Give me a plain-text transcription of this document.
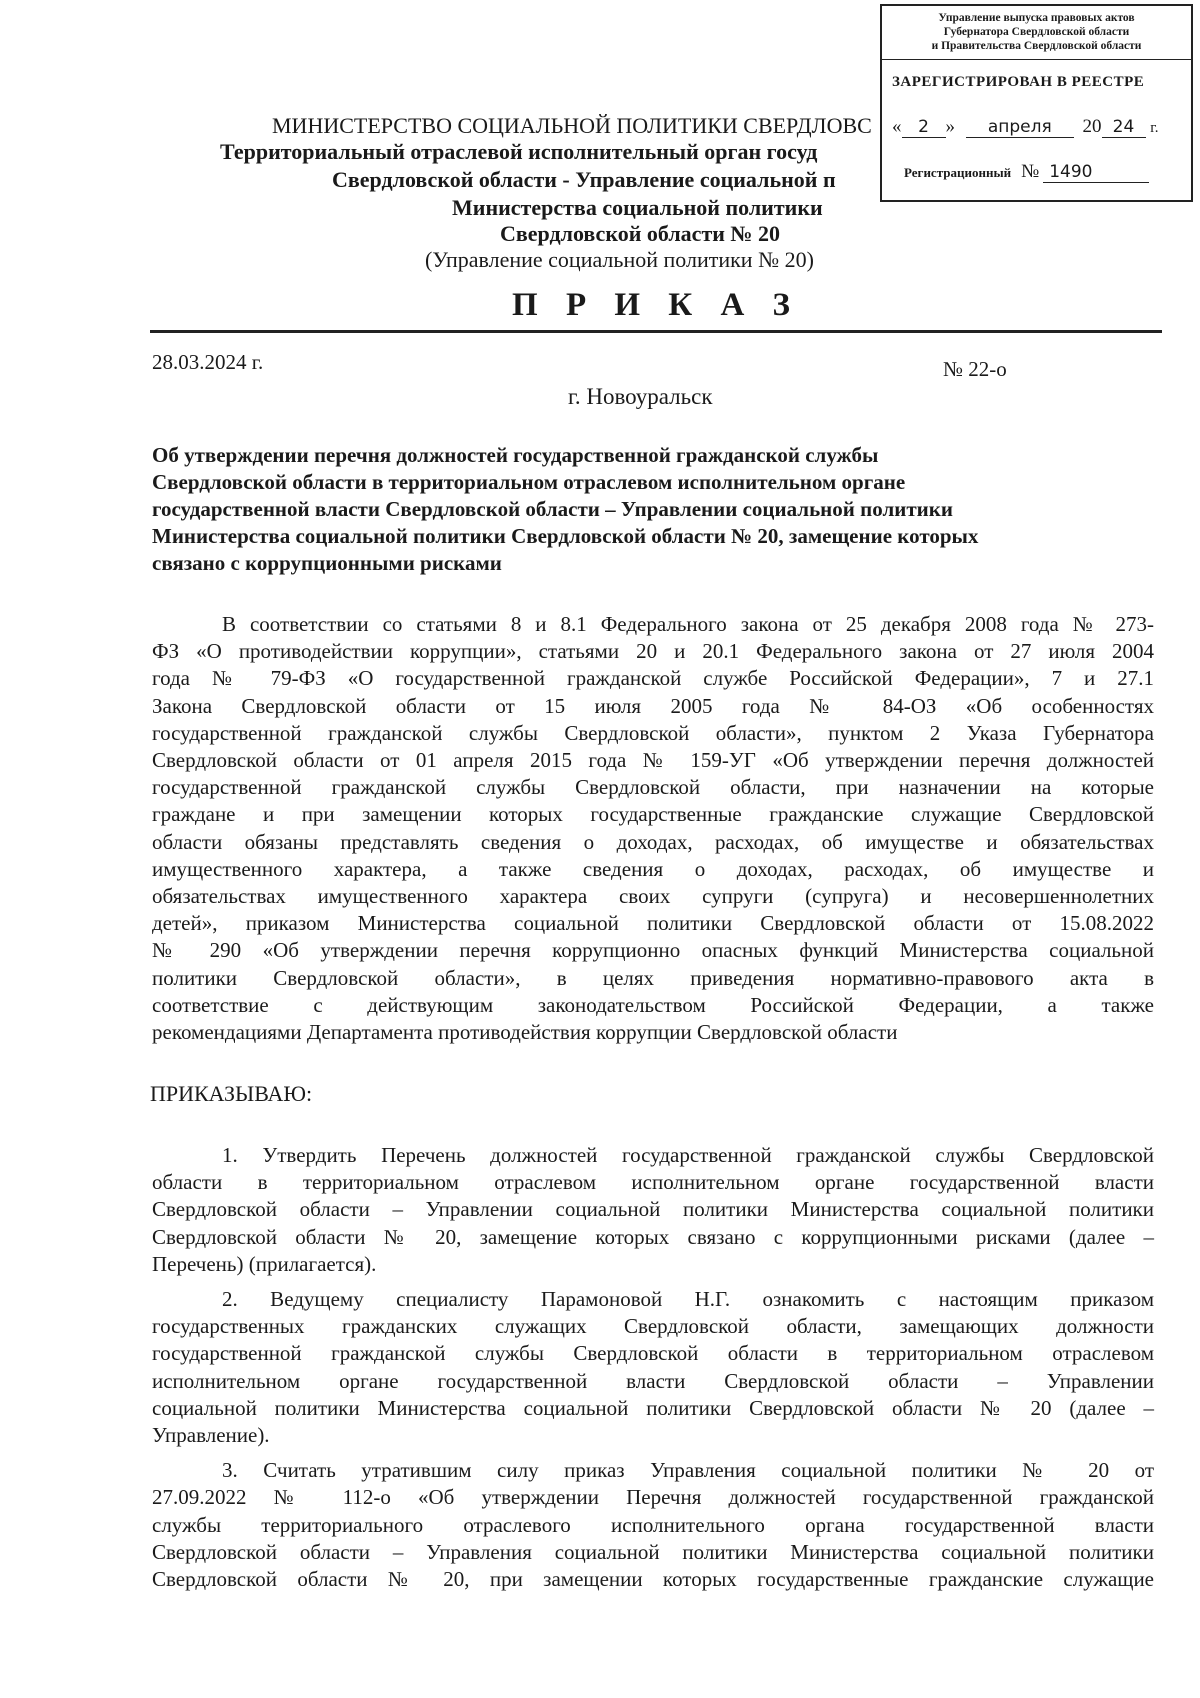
Управление выпуска правовых актов
Губернатора Свердловской области
и Правительства Свердловской области
ЗАРЕГИСТРИРОВАН В РЕЕСТРЕ
« 2 » апреля 20 24 г.
Регистрационный № 1490
МИНИСТЕРСТВО СОЦИАЛЬНОЙ ПОЛИТИКИ СВЕРДЛОВС
Территориальный отраслевой исполнительный орган госуд
Свердловской области - Управление социальной п
Министерства социальной политики
Свердловской области № 20
(Управление социальной политики № 20)
П Р И К А З
28.03.2024 г.	№ 22-о
г. Новоуральск
Об утверждении перечня должностей государственной гражданской службы
Свердловской области в территориальном отраслевом исполнительном органе
государственной власти Свердловской области – Управлении социальной политики
Министерства социальной политики Свердловской области № 20, замещение которых
связано с коррупционными рисками
В соответствии со статьями 8 и 8.1 Федерального закона от 25 декабря 2008 года № 273-
ФЗ «О противодействии коррупции», статьями 20 и 20.1 Федерального закона от 27 июля 2004
года № 79-ФЗ «О государственной гражданской службе Российской Федерации», 7 и 27.1
Закона Свердловской области от 15 июля 2005 года № 84-ОЗ «Об особенностях
государственной гражданской службы Свердловской области», пунктом 2 Указа Губернатора
Свердловской области от 01 апреля 2015 года № 159-УГ «Об утверждении перечня должностей
государственной гражданской службы Свердловской области, при назначении на которые
граждане и при замещении которых государственные гражданские служащие Свердловской
области обязаны представлять сведения о доходах, расходах, об имуществе и обязательствах
имущественного характера, а также сведения о доходах, расходах, об имуществе и
обязательствах имущественного характера своих супруги (супруга) и несовершеннолетних
детей», приказом Министерства социальной политики Свердловской области от 15.08.2022
№ 290 «Об утверждении перечня коррупционно опасных функций Министерства социальной
политики Свердловской области», в целях приведения нормативно-правового акта в
соответствие с действующим законодательством Российской Федерации, а также
рекомендациями Департамента противодействия коррупции Свердловской области
ПРИКАЗЫВАЮ:
1. Утвердить Перечень должностей государственной гражданской службы Свердловской
области в территориальном отраслевом исполнительном органе государственной власти
Свердловской области – Управлении социальной политики Министерства социальной политики
Свердловской области № 20, замещение которых связано с коррупционными рисками (далее –
Перечень) (прилагается).
2. Ведущему специалисту Парамоновой Н.Г. ознакомить с настоящим приказом
государственных гражданских служащих Свердловской области, замещающих должности
государственной гражданской службы Свердловской области в территориальном отраслевом
исполнительном органе государственной власти Свердловской области – Управлении
социальной политики Министерства социальной политики Свердловской области № 20 (далее –
Управление).
3. Считать утратившим силу приказ Управления социальной политики № 20 от
27.09.2022 № 112-о «Об утверждении Перечня должностей государственной гражданской
службы территориального отраслевого исполнительного органа государственной власти
Свердловской области – Управления социальной политики Министерства социальной политики
Свердловской области № 20, при замещении которых государственные гражданские служащие
